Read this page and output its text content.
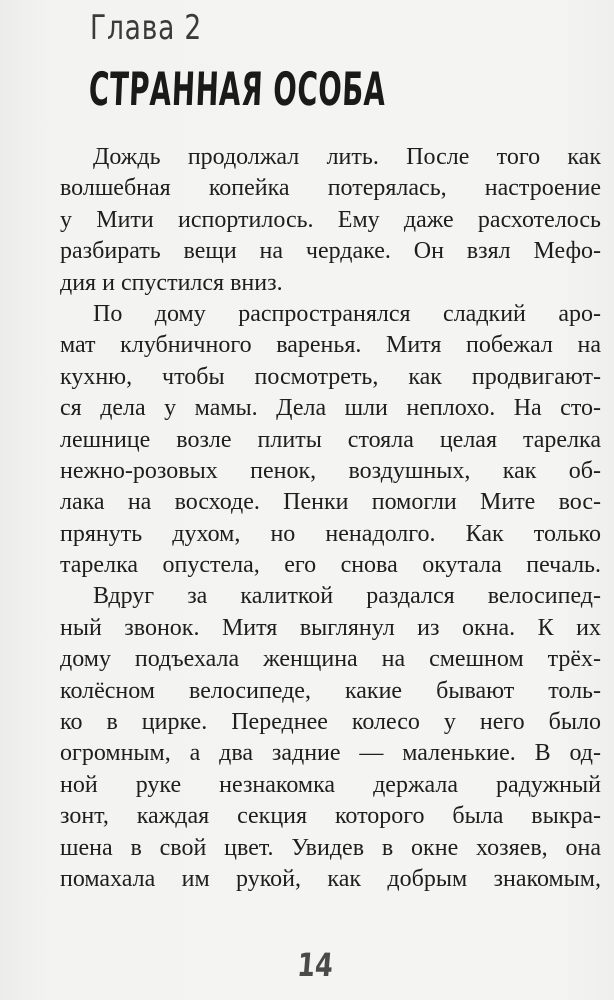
Глава 2
СТРАННАЯ ОСОБА
Дождь продолжал лить. После того как
волшебная копейка потерялась, настроение
у Мити испортилось. Ему даже расхотелось
разбирать вещи на чердаке. Он взял Мефо-
дия и спустился вниз.
По дому распространялся сладкий аро-
мат клубничного варенья. Митя побежал на
кухню, чтобы посмотреть, как продвигают-
ся дела у мамы. Дела шли неплохо. На сто-
лешнице возле плиты стояла целая тарелка
нежно-розовых пенок, воздушных, как об-
лака на восходе. Пенки помогли Мите вос-
прянуть духом, но ненадолго. Как только
тарелка опустела, его снова окутала печаль.
Вдруг за калиткой раздался велосипед-
ный звонок. Митя выглянул из окна. К их
дому подъехала женщина на смешном трёх-
колёсном велосипеде, какие бывают толь-
ко в цирке. Переднее колесо у него было
огромным, а два задние — маленькие. В од-
ной руке незнакомка держала радужный
зонт, каждая секция которого была выкра-
шена в свой цвет. Увидев в окне хозяев, она
помахала им рукой, как добрым знакомым,
14
